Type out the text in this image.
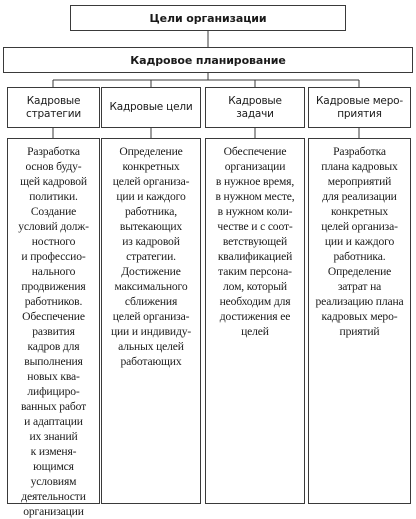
Цели организации
Кадровое планирование
Кадровые
стратегии
Кадровые цели
Кадровые
задачи
Кадровые меро-
приятия
Разработка
основ буду-
щей кадровой
политики.
Создание
условий долж-
ностного
и профессио-
нального
продвижения
работников.
Обеспечение
развития
кадров для
выполнения
новых ква-
лифициро-
ванных работ
и адаптации
их знаний
к изменя-
ющимся
условиям
деятельности
организации
Определение
конкретных
целей организа-
ции и каждого
работника,
вытекающих
из кадровой
стратегии.
Достижение
максимального
сближения
целей организа-
ции и индивиду-
альных целей
работающих
Обеспечение
организации
в нужное время,
в нужном месте,
в нужном коли-
честве и с соот-
ветствующей
квалификацией
таким персона-
лом, который
необходим для
достижения ее
целей
Разработка
плана кадровых
мероприятий
для реализации
конкретных
целей организа-
ции и каждого
работника.
Определение
затрат на
реализацию плана
кадровых меро-
приятий
